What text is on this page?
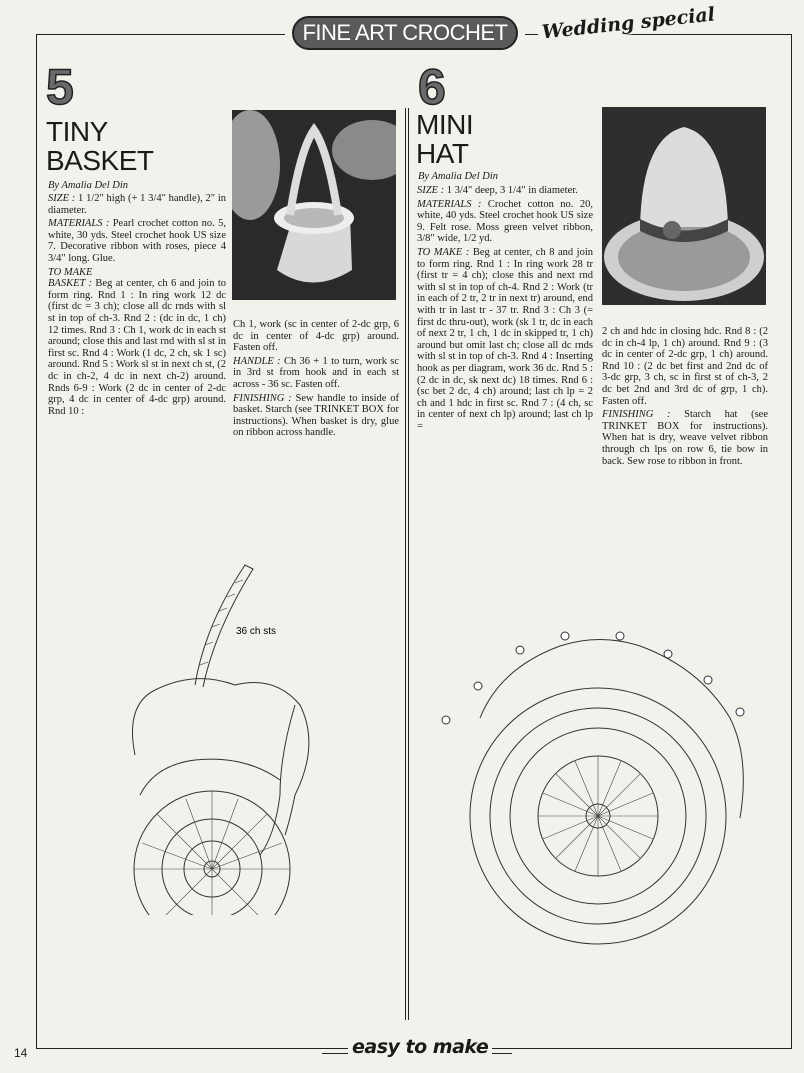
FINE ART CROCHET	Wedding special
5
TINY
BASKET
By Amalia Del Din

SIZE : 1 1/2" high (+ 1 3/4" handle), 2" in diameter.

MATERIALS : Pearl crochet cotton no. 5, white, 30 yds. Steel crochet hook US size 7. Decorative ribbon with roses, piece 4 3/4" long. Glue.

TO MAKE

BASKET : Beg at center, ch 6 and join to form ring. Rnd 1 : In ring work 12 dc (first dc = 3 ch); close all dc rnds with sl st in top of ch-3. Rnd 2 : (dc in dc, 1 ch) 12 times. Rnd 3 : Ch 1, work dc in each st around; close this and last rnd with sl st in first sc. Rnd 4 : Work (1 dc, 2 ch, sk 1 sc) around. Rnd 5 : Work sl st in next ch st, (2 dc in ch-2, 4 dc in next ch-2) around. Rnds 6-9 : Work (2 dc in center of 2-dc grp, 4 dc in center of 4-dc grp) around. Rnd 10 :

Ch 1, work (sc in center of 2-dc grp, 6 dc in center of 4-dc grp) around. Fasten off.

HANDLE : Ch 36 + 1 to turn, work sc in 3rd st from hook and in each st across - 36 sc. Fasten off.

FINISHING : Sew handle to inside of basket. Starch (see TRINKET BOX for instructions). When basket is dry, glue on ribbon across handle.

36 ch sts
6
MINI
HAT
By Amalia Del Din

SIZE : 1 3/4" deep, 3 1/4" in diameter.

MATERIALS : Crochet cotton no. 20, white, 40 yds. Steel crochet hook US size 9. Felt rose. Moss green velvet ribbon, 3/8" wide, 1/2 yd.

TO MAKE : Beg at center, ch 8 and join to form ring. Rnd 1 : In ring work 28 tr (first tr = 4 ch); close this and next rnd with sl st in top of ch-4. Rnd 2 : Work (tr in each of 2 tr, 2 tr in next tr) around, end with tr in last tr - 37 tr. Rnd 3 : Ch 3 (= first dc thru-out), work (sk 1 tr, dc in each of next 2 tr, 1 ch, 1 dc in skipped tr, 1 ch) around but omit last ch; close all dc rnds with sl st in top of ch-3. Rnd 4 : Inserting hook as per diagram, work 36 dc. Rnd 5 : (2 dc in dc, sk next dc) 18 times. Rnd 6 : (sc bet 2 dc, 4 ch) around; last ch lp = 2 ch and 1 hdc in first sc. Rnd 7 : (4 ch, sc in center of next ch lp) around; last ch lp =

2 ch and hdc in closing hdc. Rnd 8 : (2 dc in ch-4 lp, 1 ch) around. Rnd 9 : (3 dc in center of 2-dc grp, 1 ch) around. Rnd 10 : (2 dc bet first and 2nd dc of 3-dc grp, 3 ch, sc in first st of ch-3, 2 dc bet 2nd and 3rd dc of grp, 1 ch). Fasten off.

FINISHING : Starch hat (see TRINKET BOX for instructions). When hat is dry, weave velvet ribbon through ch lps on row 6, tie bow in back. Sew rose to ribbon in front.

easy to make
14
